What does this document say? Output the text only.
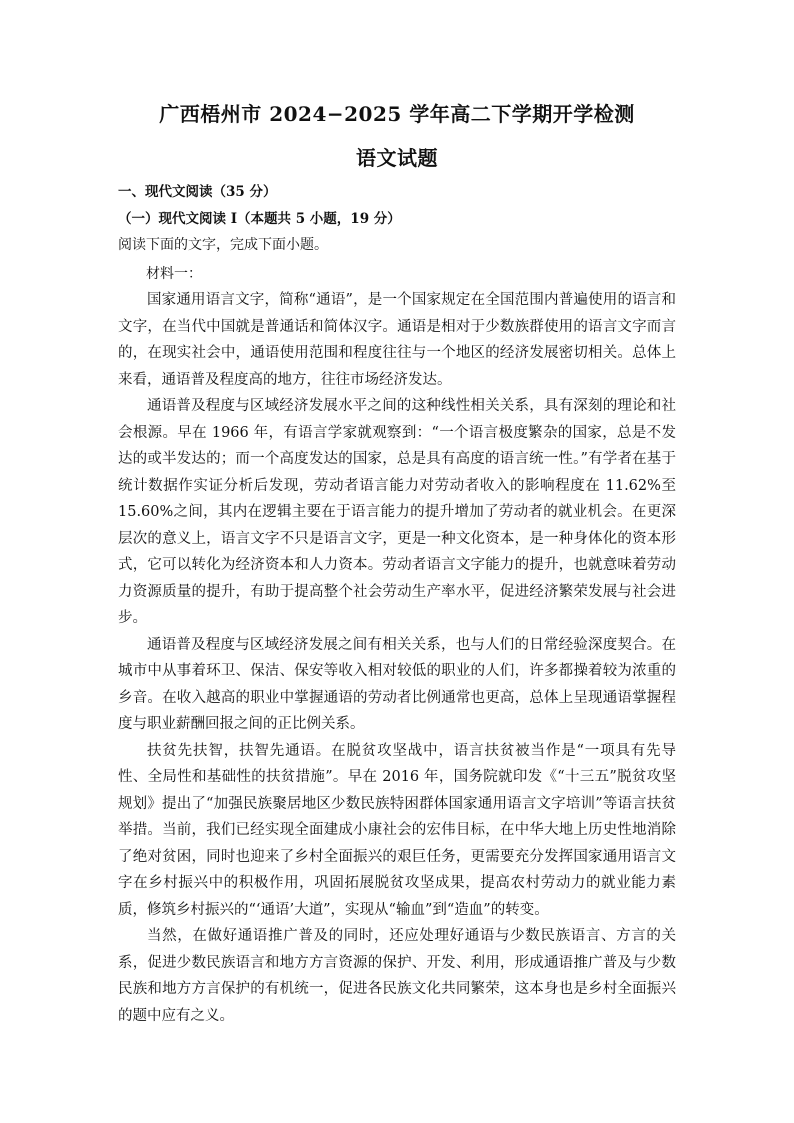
广西梧州市 2024−2025 学年高二下学期开学检测
语文试题
一、现代文阅读（35 分）
（一）现代文阅读 I（本题共 5 小题，19 分）
阅读下面的文字，完成下面小题。
材料一：

国家通用语言文字，简称“通语”，是一个国家规定在全国范围内普遍使用的语言和文字，在当代中国就是普通话和简体汉字。通语是相对于少数族群使用的语言文字而言的，在现实社会中，通语使用范围和程度往往与一个地区的经济发展密切相关。总体上来看，通语普及程度高的地方，往往市场经济发达。

通语普及程度与区域经济发展水平之间的这种线性相关关系，具有深刻的理论和社会根源。早在 1966 年，有语言学家就观察到：“一个语言极度繁杂的国家，总是不发达的或半发达的；而一个高度发达的国家，总是具有高度的语言统一性。”有学者在基于统计数据作实证分析后发现，劳动者语言能力对劳动者收入的影响程度在 11.62%至 15.60%之间，其内在逻辑主要在于语言能力的提升增加了劳动者的就业机会。在更深层次的意义上，语言文字不只是语言文字，更是一种文化资本，是一种身体化的资本形式，它可以转化为经济资本和人力资本。劳动者语言文字能力的提升，也就意味着劳动力资源质量的提升，有助于提高整个社会劳动生产率水平，促进经济繁荣发展与社会进步。

通语普及程度与区域经济发展之间有相关关系，也与人们的日常经验深度契合。在城市中从事着环卫、保洁、保安等收入相对较低的职业的人们，许多都操着较为浓重的乡音。在收入越高的职业中掌握通语的劳动者比例通常也更高，总体上呈现通语掌握程度与职业薪酬回报之间的正比例关系。

扶贫先扶智，扶智先通语。在脱贫攻坚战中，语言扶贫被当作是“一项具有先导性、全局性和基础性的扶贫措施”。早在 2016 年，国务院就印发《“十三五”脱贫攻坚规划》提出了“加强民族聚居地区少数民族特困群体国家通用语言文字培训”等语言扶贫举措。当前，我们已经实现全面建成小康社会的宏伟目标，在中华大地上历史性地消除了绝对贫困，同时也迎来了乡村全面振兴的艰巨任务，更需要充分发挥国家通用语言文字在乡村振兴中的积极作用，巩固拓展脱贫攻坚成果，提高农村劳动力的就业能力素质，修筑乡村振兴的“‘通语’大道”，实现从“输血”到“造血”的转变。

当然，在做好通语推广普及的同时，还应处理好通语与少数民族语言、方言的关系，促进少数民族语言和地方方言资源的保护、开发、利用，形成通语推广普及与少数民族和地方方言保护的有机统一，促进各民族文化共同繁荣，这本身也是乡村全面振兴的题中应有之义。
